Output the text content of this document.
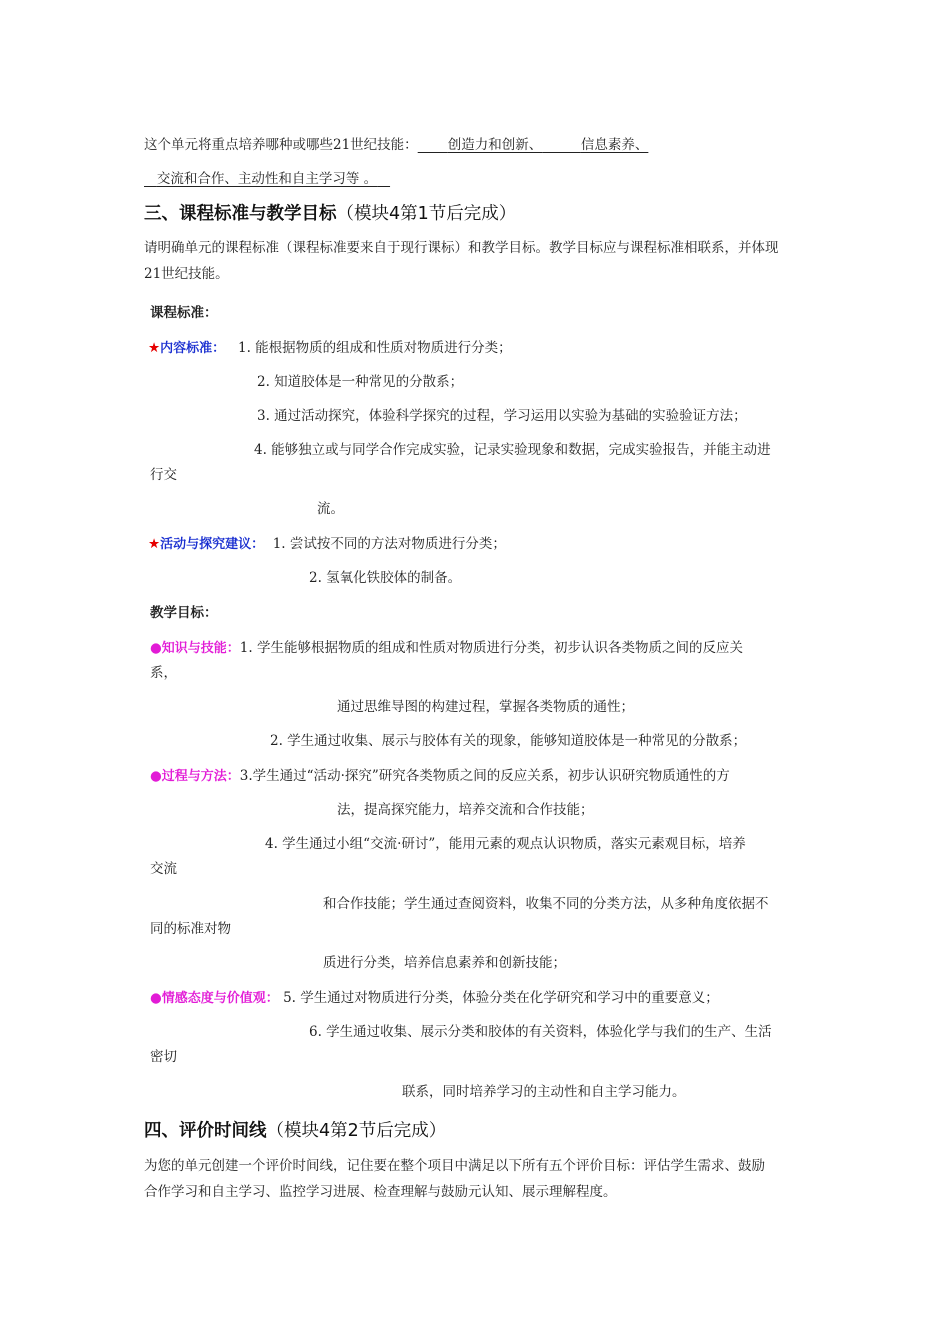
这个单元将重点培养哪种或哪些21世纪技能： 创造力和创新、	信息素养、
交流和合作、主动性和自主学习等 。
三、课程标准与教学目标（模块4第1节后完成）
请明确单元的课程标准（课程标准要来自于现行课标）和教学目标。教学目标应与课程标准相联系，并体现
21世纪技能。
课程标准：
★内容标准： 1. 能根据物质的组成和性质对物质进行分类；
2. 知道胶体是一种常见的分散系；
3. 通过活动探究，体验科学探究的过程，学习运用以实验为基础的实验验证方法；
4. 能够独立或与同学合作完成实验，记录实验现象和数据，完成实验报告，并能主动进
行交
流。
★活动与探究建议： 1. 尝试按不同的方法对物质进行分类；
2. 氢氧化铁胶体的制备。
教学目标：
●知识与技能：1. 学生能够根据物质的组成和性质对物质进行分类，初步认识各类物质之间的反应关
系，
通过思维导图的构建过程，掌握各类物质的通性；
2. 学生通过收集、展示与胶体有关的现象，能够知道胶体是一种常见的分散系；
●过程与方法：3.学生通过“活动·探究”研究各类物质之间的反应关系，初步认识研究物质通性的方
法，提高探究能力，培养交流和合作技能；
4. 学生通过小组“交流·研讨”，能用元素的观点认识物质，落实元素观目标，培养
交流
和合作技能；学生通过查阅资料，收集不同的分类方法，从多种角度依据不
同的标准对物
质进行分类，培养信息素养和创新技能；
●情感态度与价值观： 5. 学生通过对物质进行分类，体验分类在化学研究和学习中的重要意义；
6. 学生通过收集、展示分类和胶体的有关资料，体验化学与我们的生产、生活
密切
联系，同时培养学习的主动性和自主学习能力。
四、评价时间线（模块4第2节后完成）
为您的单元创建一个评价时间线，记住要在整个项目中满足以下所有五个评价目标：评估学生需求、鼓励
合作学习和自主学习、监控学习进展、检查理解与鼓励元认知、展示理解程度。
